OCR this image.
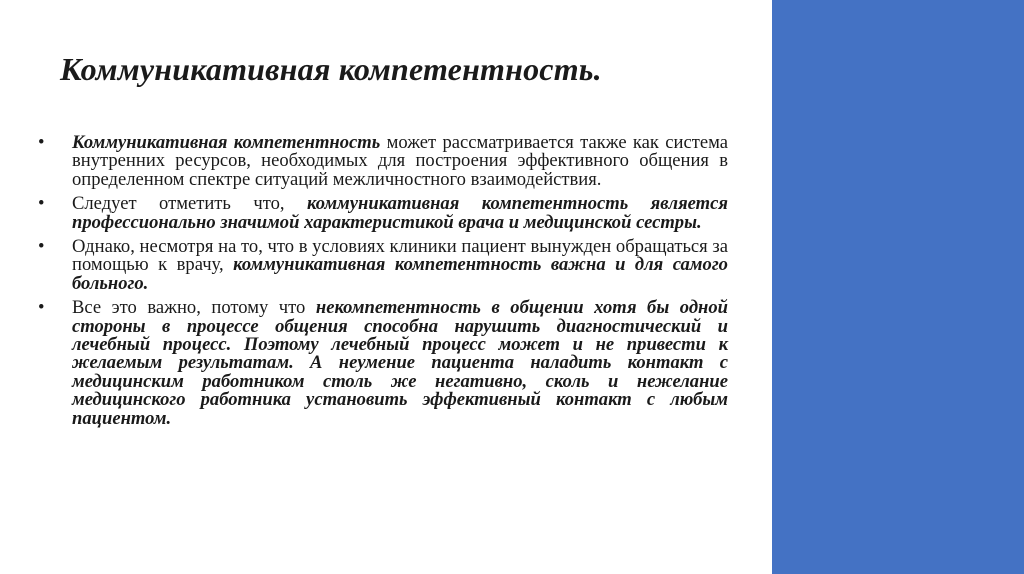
Коммуникативная компетентность.
•	Коммуникативная компетентность может рассматривается также как система внутренних ресурсов, необходимых для построения эффективного общения в определенном спектре ситуаций межличностного взаимодействия.
•	Следует отметить что, коммуникативная компетентность является профессионально значимой характеристикой врача и медицинской сестры.
•	Однако, несмотря на то, что в условиях клиники пациент вынужден обращаться за помощью к врачу, коммуникативная компетентность важна и для самого больного.
•	Все это важно, потому что некомпетентность в общении хотя бы одной стороны в процессе общения способна нарушить диагностический и лечебный процесс. Поэтому лечебный процесс может и не привести к желаемым результатам. А неумение пациента наладить контакт с медицинским работником столь же негативно, сколь и нежелание медицинского работника установить эффективный контакт с любым пациентом.
